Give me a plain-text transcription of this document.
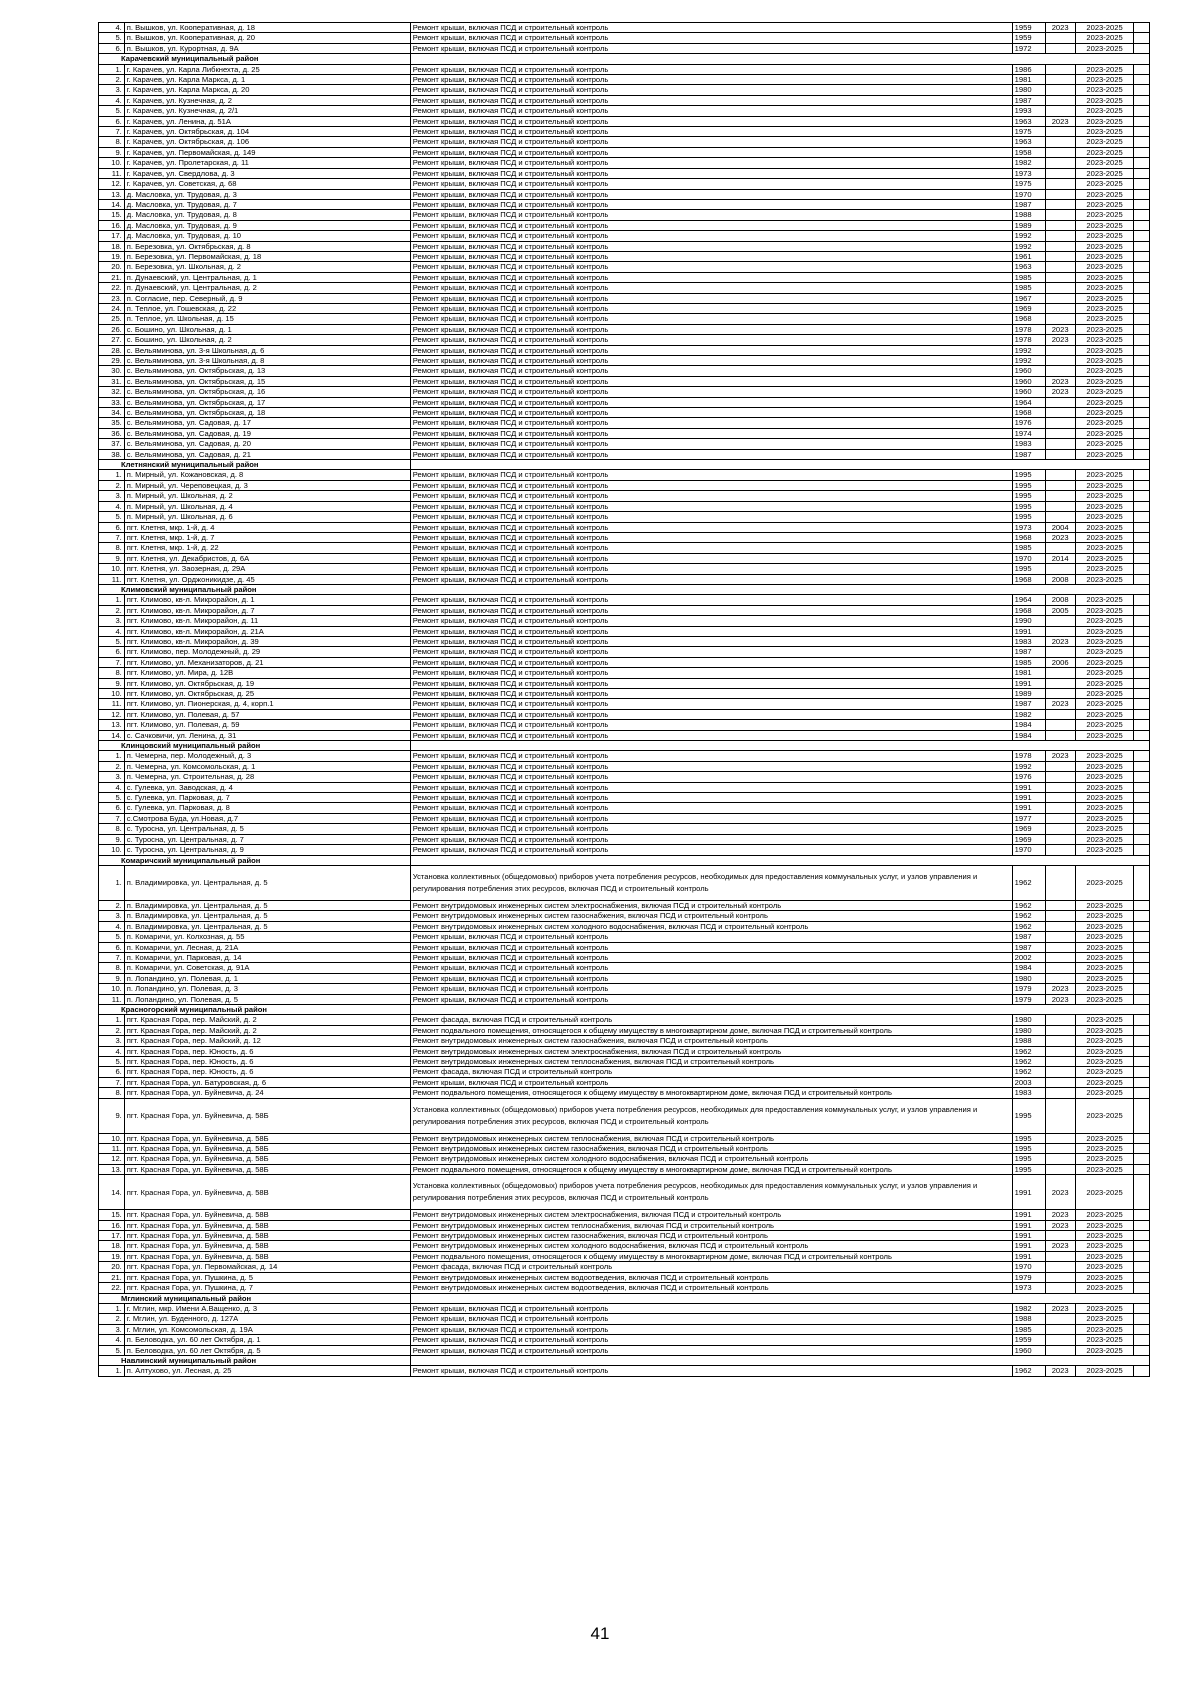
4.	п. Вышков, ул. Кооперативная, д. 18	Ремонт крыши, включая ПСД и строительный контроль	1959	2023	2023-2025	
5.	п. Вышков, ул. Кооперативная, д. 20	Ремонт крыши, включая ПСД и строительный контроль	1959		2023-2025	
6.	п. Вышков, ул. Курортная, д. 9А	Ремонт крыши, включая ПСД и строительный контроль	1972		2023-2025	
Карачевский муниципальный район						
1.	г. Карачев, ул. Карла Либкнехта, д. 25	Ремонт крыши, включая ПСД и строительный контроль	1986		2023-2025	
2.	г. Карачев, ул. Карла Маркса, д. 1	Ремонт крыши, включая ПСД и строительный контроль	1981		2023-2025	
3.	г. Карачев, ул. Карла Маркса, д. 20	Ремонт крыши, включая ПСД и строительный контроль	1980		2023-2025	
4.	г. Карачев, ул. Кузнечная, д. 2	Ремонт крыши, включая ПСД и строительный контроль	1987		2023-2025	
5.	г. Карачев, ул. Кузнечная, д. 2/1	Ремонт крыши, включая ПСД и строительный контроль	1993		2023-2025	
6.	г. Карачев, ул. Ленина, д. 51А	Ремонт крыши, включая ПСД и строительный контроль	1963	2023	2023-2025	
7.	г. Карачев, ул. Октябрьская, д. 104	Ремонт крыши, включая ПСД и строительный контроль	1975		2023-2025	
8.	г. Карачев, ул. Октябрьская, д. 106	Ремонт крыши, включая ПСД и строительный контроль	1963		2023-2025	
9.	г. Карачев, ул. Первомайская, д. 149	Ремонт крыши, включая ПСД и строительный контроль	1958		2023-2025	
10.	г. Карачев, ул. Пролетарская, д. 11	Ремонт крыши, включая ПСД и строительный контроль	1982		2023-2025	
11.	г. Карачев, ул. Свердлова, д. 3	Ремонт крыши, включая ПСД и строительный контроль	1973		2023-2025	
12.	г. Карачев, ул. Советская, д. 68	Ремонт крыши, включая ПСД и строительный контроль	1975		2023-2025	
13.	д. Масловка, ул. Трудовая, д. 3	Ремонт крыши, включая ПСД и строительный контроль	1970		2023-2025	
14.	д. Масловка, ул. Трудовая, д. 7	Ремонт крыши, включая ПСД и строительный контроль	1987		2023-2025	
15.	д. Масловка, ул. Трудовая, д. 8	Ремонт крыши, включая ПСД и строительный контроль	1988		2023-2025	
16.	д. Масловка, ул. Трудовая, д. 9	Ремонт крыши, включая ПСД и строительный контроль	1989		2023-2025	
17.	д. Масловка, ул. Трудовая, д. 10	Ремонт крыши, включая ПСД и строительный контроль	1992		2023-2025	
18.	п. Березовка, ул. Октябрьская, д. 8	Ремонт крыши, включая ПСД и строительный контроль	1992		2023-2025	
19.	п. Березовка, ул. Первомайская, д. 18	Ремонт крыши, включая ПСД и строительный контроль	1961		2023-2025	
20.	п. Березовка, ул. Школьная, д. 2	Ремонт крыши, включая ПСД и строительный контроль	1963		2023-2025	
21.	п. Дунаевский, ул. Центральная, д. 1	Ремонт крыши, включая ПСД и строительный контроль	1985		2023-2025	
22.	п. Дунаевский, ул. Центральная, д. 2	Ремонт крыши, включая ПСД и строительный контроль	1985		2023-2025	
23.	п. Согласие, пер. Северный, д. 9	Ремонт крыши, включая ПСД и строительный контроль	1967		2023-2025	
24.	п. Теплое, ул. Гошевская, д. 22	Ремонт крыши, включая ПСД и строительный контроль	1969		2023-2025	
25.	п. Теплое, ул. Школьная, д. 15	Ремонт крыши, включая ПСД и строительный контроль	1968		2023-2025	
26.	с. Бошино, ул. Школьная, д. 1	Ремонт крыши, включая ПСД и строительный контроль	1978	2023	2023-2025	
27.	с. Бошино, ул. Школьная, д. 2	Ремонт крыши, включая ПСД и строительный контроль	1978	2023	2023-2025	
28.	с. Вельяминова, ул. 3-я Школьная, д. 6	Ремонт крыши, включая ПСД и строительный контроль	1992		2023-2025	
29.	с. Вельяминова, ул. 3-я Школьная, д. 8	Ремонт крыши, включая ПСД и строительный контроль	1992		2023-2025	
30.	с. Вельяминова, ул. Октябрьская, д. 13	Ремонт крыши, включая ПСД и строительный контроль	1960		2023-2025	
31.	с. Вельяминова, ул. Октябрьская, д. 15	Ремонт крыши, включая ПСД и строительный контроль	1960	2023	2023-2025	
32.	с. Вельяминова, ул. Октябрьская, д. 16	Ремонт крыши, включая ПСД и строительный контроль	1960	2023	2023-2025	
33.	с. Вельяминова, ул. Октябрьская, д. 17	Ремонт крыши, включая ПСД и строительный контроль	1964		2023-2025	
34.	с. Вельяминова, ул. Октябрьская, д. 18	Ремонт крыши, включая ПСД и строительный контроль	1968		2023-2025	
35.	с. Вельяминова, ул. Садовая, д. 17	Ремонт крыши, включая ПСД и строительный контроль	1976		2023-2025	
36.	с. Вельяминова, ул. Садовая, д. 19	Ремонт крыши, включая ПСД и строительный контроль	1974		2023-2025	
37.	с. Вельяминова, ул. Садовая, д. 20	Ремонт крыши, включая ПСД и строительный контроль	1983		2023-2025	
38.	с. Вельяминова, ул. Садовая, д. 21	Ремонт крыши, включая ПСД и строительный контроль	1987		2023-2025	
Клетнянский муниципальный район						
1.	п. Мирный, ул. Кожановская, д. 8	Ремонт крыши, включая ПСД и строительный контроль	1995		2023-2025	
2.	п. Мирный, ул. Череповецкая, д. 3	Ремонт крыши, включая ПСД и строительный контроль	1995		2023-2025	
3.	п. Мирный, ул. Школьная, д. 2	Ремонт крыши, включая ПСД и строительный контроль	1995		2023-2025	
4.	п. Мирный, ул. Школьная, д. 4	Ремонт крыши, включая ПСД и строительный контроль	1995		2023-2025	
5.	п. Мирный, ул. Школьная, д. 6	Ремонт крыши, включая ПСД и строительный контроль	1995		2023-2025	
6.	пгт. Клетня, мкр. 1-й, д. 4	Ремонт крыши, включая ПСД и строительный контроль	1973	2004	2023-2025	
7.	пгт. Клетня, мкр. 1-й, д. 7	Ремонт крыши, включая ПСД и строительный контроль	1968	2023	2023-2025	
8.	пгт. Клетня, мкр. 1-й, д. 22	Ремонт крыши, включая ПСД и строительный контроль	1985		2023-2025	
9.	пгт. Клетня, ул. Декабристов, д. 6А	Ремонт крыши, включая ПСД и строительный контроль	1970	2014	2023-2025	
10.	пгт. Клетня, ул. Заозерная, д. 29А	Ремонт крыши, включая ПСД и строительный контроль	1995		2023-2025	
11.	пгт. Клетня, ул. Орджоникидзе, д. 45	Ремонт крыши, включая ПСД и строительный контроль	1968	2008	2023-2025	
Климовский муниципальный район						
1.	пгт. Климово, кв-л. Микрорайон, д. 1	Ремонт крыши, включая ПСД и строительный контроль	1964	2008	2023-2025	
2.	пгт. Климово, кв-л. Микрорайон, д. 7	Ремонт крыши, включая ПСД и строительный контроль	1968	2005	2023-2025	
3.	пгт. Климово, кв-л. Микрорайон, д. 11	Ремонт крыши, включая ПСД и строительный контроль	1990		2023-2025	
4.	пгт. Климово, кв-л. Микрорайон, д. 21А	Ремонт крыши, включая ПСД и строительный контроль	1991		2023-2025	
5.	пгт. Климово, кв-л. Микрорайон, д. 39	Ремонт крыши, включая ПСД и строительный контроль	1983	2023	2023-2025	
6.	пгт. Климово, пер. Молодежный, д. 29	Ремонт крыши, включая ПСД и строительный контроль	1987		2023-2025	
7.	пгт. Климово, ул. Механизаторов, д. 21	Ремонт крыши, включая ПСД и строительный контроль	1985	2006	2023-2025	
8.	пгт. Климово, ул. Мира, д. 12В	Ремонт крыши, включая ПСД и строительный контроль	1981		2023-2025	
9.	пгт. Климово, ул. Октябрьская, д. 19	Ремонт крыши, включая ПСД и строительный контроль	1991		2023-2025	
10.	пгт. Климово, ул. Октябрьская, д. 25	Ремонт крыши, включая ПСД и строительный контроль	1989		2023-2025	
11.	пгт. Климово, ул. Пионерская, д. 4, корп.1	Ремонт крыши, включая ПСД и строительный контроль	1987	2023	2023-2025	
12.	пгт. Климово, ул. Полевая, д. 57	Ремонт крыши, включая ПСД и строительный контроль	1982		2023-2025	
13.	пгт. Климово, ул. Полевая, д. 59	Ремонт крыши, включая ПСД и строительный контроль	1984		2023-2025	
14.	с. Сачковичи, ул. Ленина, д. 31	Ремонт крыши, включая ПСД и строительный контроль	1984		2023-2025	
Клинцовский муниципальный район						
1.	п. Чемерна, пер. Молодежный, д. 3	Ремонт крыши, включая ПСД и строительный контроль	1978	2023	2023-2025	
2.	п. Чемерна, ул. Комсомольская, д. 1	Ремонт крыши, включая ПСД и строительный контроль	1992		2023-2025	
3.	п. Чемерна, ул. Строительная, д. 28	Ремонт крыши, включая ПСД и строительный контроль	1976		2023-2025	
4.	с. Гулевка, ул. Заводская, д. 4	Ремонт крыши, включая ПСД и строительный контроль	1991		2023-2025	
5.	с. Гулевка, ул. Парковая, д. 7	Ремонт крыши, включая ПСД и строительный контроль	1991		2023-2025	
6.	с. Гулевка, ул. Парковая, д. 8	Ремонт крыши, включая ПСД и строительный контроль	1991		2023-2025	
7.	с.Смотрова Буда, ул.Новая, д.7	Ремонт крыши, включая ПСД и строительный контроль	1977		2023-2025	
8.	с. Туросна, ул. Центральная, д. 5	Ремонт крыши, включая ПСД и строительный контроль	1969		2023-2025	
9.	с. Туросна, ул. Центральная, д. 7	Ремонт крыши, включая ПСД и строительный контроль	1969		2023-2025	
10.	с. Туросна, ул. Центральная, д. 9	Ремонт крыши, включая ПСД и строительный контроль	1970		2023-2025	
Комаричский муниципальный район						
1.	п. Владимировка, ул. Центральная, д. 5	Установка коллективных (общедомовых) приборов учета потребления ресурсов, необходимых для предоставления коммунальных услуг, и узлов управления и регулирования потребления этих ресурсов, включая ПСД и строительный контроль	1962		2023-2025	
2.	п. Владимировка, ул. Центральная, д. 5	Ремонт внутридомовых инженерных систем электроснабжения, включая ПСД и строительный контроль	1962		2023-2025	
3.	п. Владимировка, ул. Центральная, д. 5	Ремонт внутридомовых инженерных систем газоснабжения, включая ПСД и строительный контроль	1962		2023-2025	
4.	п. Владимировка, ул. Центральная, д. 5	Ремонт внутридомовых инженерных систем холодного водоснабжения, включая ПСД и строительный контроль	1962		2023-2025	
5.	п. Комаричи, ул. Колхозная, д. 55	Ремонт крыши, включая ПСД и строительный контроль	1987		2023-2025	
6.	п. Комаричи, ул. Лесная, д. 21А	Ремонт крыши, включая ПСД и строительный контроль	1987		2023-2025	
7.	п. Комаричи, ул. Парковая, д. 14	Ремонт крыши, включая ПСД и строительный контроль	2002		2023-2025	
8.	п. Комаричи, ул. Советская, д. 91А	Ремонт крыши, включая ПСД и строительный контроль	1984		2023-2025	
9.	п. Лопандино, ул. Полевая, д. 1	Ремонт крыши, включая ПСД и строительный контроль	1980		2023-2025	
10.	п. Лопандино, ул. Полевая, д. 3	Ремонт крыши, включая ПСД и строительный контроль	1979	2023	2023-2025	
11.	п. Лопандино, ул. Полевая, д. 5	Ремонт крыши, включая ПСД и строительный контроль	1979	2023	2023-2025	
Красногорский муниципальный район						
1.	пгт. Красная Гора, пер. Майский, д. 2	Ремонт фасада, включая ПСД и строительный контроль	1980		2023-2025	
2.	пгт. Красная Гора, пер. Майский, д. 2	Ремонт подвального помещения, относящегося к общему имуществу в многоквартирном доме, включая ПСД и строительный контроль	1980		2023-2025	
3.	пгт. Красная Гора, пер. Майский, д. 12	Ремонт внутридомовых инженерных систем газоснабжения, включая ПСД и строительный контроль	1988		2023-2025	
4.	пгт. Красная Гора, пер. Юность, д. 6	Ремонт внутридомовых инженерных систем электроснабжения, включая ПСД и строительный контроль	1962		2023-2025	
5.	пгт. Красная Гора, пер. Юность, д. 6	Ремонт внутридомовых инженерных систем теплоснабжения, включая ПСД и строительный контроль	1962		2023-2025	
6.	пгт. Красная Гора, пер. Юность, д. 6	Ремонт фасада, включая ПСД и строительный контроль	1962		2023-2025	
7.	пгт. Красная Гора, ул. Батуровская, д. 6	Ремонт крыши, включая ПСД и строительный контроль	2003		2023-2025	
8.	пгт. Красная Гора, ул. Буйневича, д. 24	Ремонт подвального помещения, относящегося к общему имуществу в многоквартирном доме, включая ПСД и строительный контроль	1983		2023-2025	
9.	пгт. Красная Гора, ул. Буйневича, д. 58Б	Установка коллективных (общедомовых) приборов учета потребления ресурсов, необходимых для предоставления коммунальных услуг, и узлов управления и регулирования потребления этих ресурсов, включая ПСД и строительный контроль	1995		2023-2025	
10.	пгт. Красная Гора, ул. Буйневича, д. 58Б	Ремонт внутридомовых инженерных систем теплоснабжения, включая ПСД и строительный контроль	1995		2023-2025	
11.	пгт. Красная Гора, ул. Буйневича, д. 58Б	Ремонт внутридомовых инженерных систем газоснабжения, включая ПСД и строительный контроль	1995		2023-2025	
12.	пгт. Красная Гора, ул. Буйневича, д. 58Б	Ремонт внутридомовых инженерных систем холодного водоснабжения, включая ПСД и строительный контроль	1995		2023-2025	
13.	пгт. Красная Гора, ул. Буйневича, д. 58Б	Ремонт подвального помещения, относящегося к общему имуществу в многоквартирном доме, включая ПСД и строительный контроль	1995		2023-2025	
14.	пгт. Красная Гора, ул. Буйневича, д. 58В	Установка коллективных (общедомовых) приборов учета потребления ресурсов, необходимых для предоставления коммунальных услуг, и узлов управления и регулирования потребления этих ресурсов, включая ПСД и строительный контроль	1991	2023	2023-2025	
15.	пгт. Красная Гора, ул. Буйневича, д. 58В	Ремонт внутридомовых инженерных систем электроснабжения, включая ПСД и строительный контроль	1991	2023	2023-2025	
16.	пгт. Красная Гора, ул. Буйневича, д. 58В	Ремонт внутридомовых инженерных систем теплоснабжения, включая ПСД и строительный контроль	1991	2023	2023-2025	
17.	пгт. Красная Гора, ул. Буйневича, д. 58В	Ремонт внутридомовых инженерных систем газоснабжения, включая ПСД и строительный контроль	1991		2023-2025	
18.	пгт. Красная Гора, ул. Буйневича, д. 58В	Ремонт внутридомовых инженерных систем холодного водоснабжения, включая ПСД и строительный контроль	1991	2023	2023-2025	
19.	пгт. Красная Гора, ул. Буйневича, д. 58В	Ремонт подвального помещения, относящегося к общему имуществу в многоквартирном доме, включая ПСД и строительный контроль	1991		2023-2025	
20.	пгт. Красная Гора, ул. Первомайская, д. 14	Ремонт фасада, включая ПСД и строительный контроль	1970		2023-2025	
21.	пгт. Красная Гора, ул. Пушкина, д. 5	Ремонт внутридомовых инженерных систем водоотведения, включая ПСД и строительный контроль	1979		2023-2025	
22.	пгт. Красная Гора, ул. Пушкина, д. 7	Ремонт внутридомовых инженерных систем водоотведения, включая ПСД и строительный контроль	1973		2023-2025	
Мглинский муниципальный район						
1.	г. Мглин, мкр. Имени А.Ващенко, д. 3	Ремонт крыши, включая ПСД и строительный контроль	1982	2023	2023-2025	
2.	г. Мглин, ул. Буденного, д. 127А	Ремонт крыши, включая ПСД и строительный контроль	1988		2023-2025	
3.	г. Мглин, ул. Комсомольская, д. 19А	Ремонт крыши, включая ПСД и строительный контроль	1985		2023-2025	
4.	п. Беловодка, ул. 60 лет Октября, д. 1	Ремонт крыши, включая ПСД и строительный контроль	1959		2023-2025	
5.	п. Беловодка, ул. 60 лет Октября, д. 5	Ремонт крыши, включая ПСД и строительный контроль	1960		2023-2025	
Навлинский муниципальный район						
1.	п. Алтухово, ул. Лесная, д. 25	Ремонт крыши, включая ПСД и строительный контроль	1962	2023	2023-2025	
41
